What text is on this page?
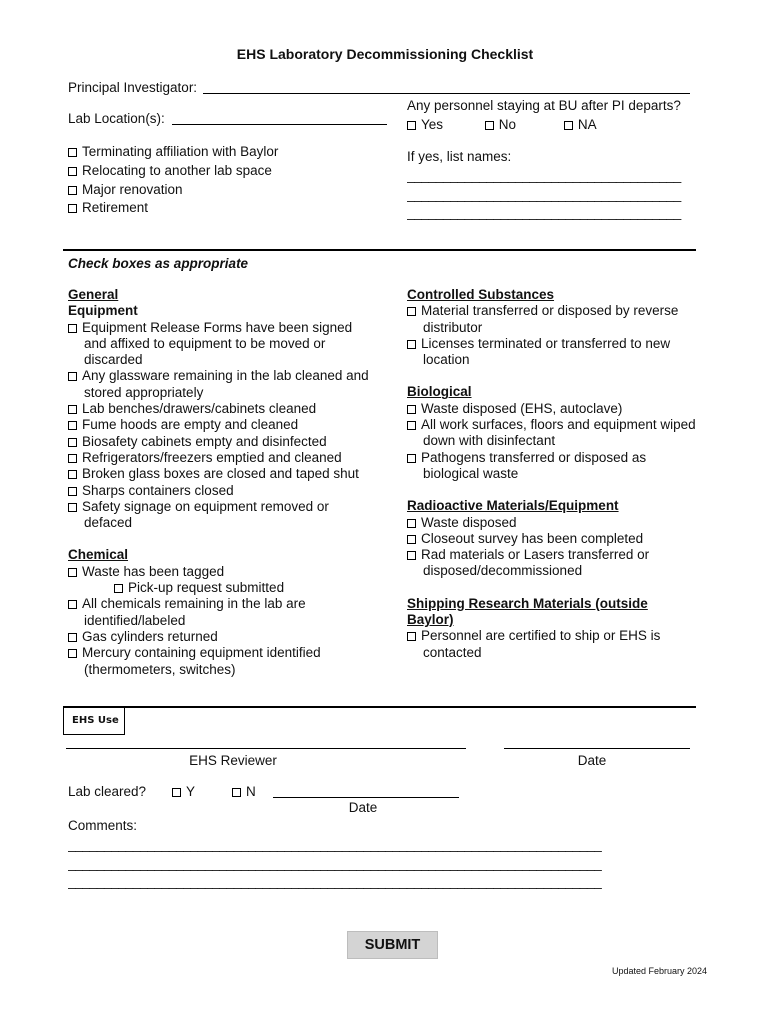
EHS Laboratory Decommissioning Checklist
Principal Investigator:
Lab Location(s):
Any personnel staying at BU after PI departs?
Yes	No	NA
Terminating affiliation with Baylor
Relocating to another lab space
Major renovation
Retirement
If yes, list names:
______________________________________
______________________________________
______________________________________
Check boxes as appropriate
General
Equipment
Equipment Release Forms have been signed and affixed to equipment to be moved or discarded
Any glassware remaining in the lab cleaned and stored appropriately
Lab benches/drawers/cabinets cleaned
Fume hoods are empty and cleaned
Biosafety cabinets empty and disinfected
Refrigerators/freezers emptied and cleaned
Broken glass boxes are closed and taped shut
Sharps containers closed
Safety signage on equipment removed or defaced
Chemical
Waste has been tagged
Pick-up request submitted
All chemicals remaining in the lab are identified/labeled
Gas cylinders returned
Mercury containing equipment identified (thermometers, switches)
Controlled Substances
Material transferred or disposed by reverse distributor
Licenses terminated or transferred to new location
Biological
Waste disposed (EHS, autoclave)
All work surfaces, floors and equipment wiped down with disinfectant
Pathogens transferred or disposed as biological waste
Radioactive Materials/Equipment
Waste disposed
Closeout survey has been completed
Rad materials or Lasers transferred or disposed/decommissioned
Shipping Research Materials (outside Baylor)
Personnel are certified to ship or EHS is contacted
EHS Use
EHS Reviewer	Date
Lab cleared?	Y	N
Date
Comments:
__________________________________________________________________________
__________________________________________________________________________
__________________________________________________________________________
SUBMIT
Updated February 2024
